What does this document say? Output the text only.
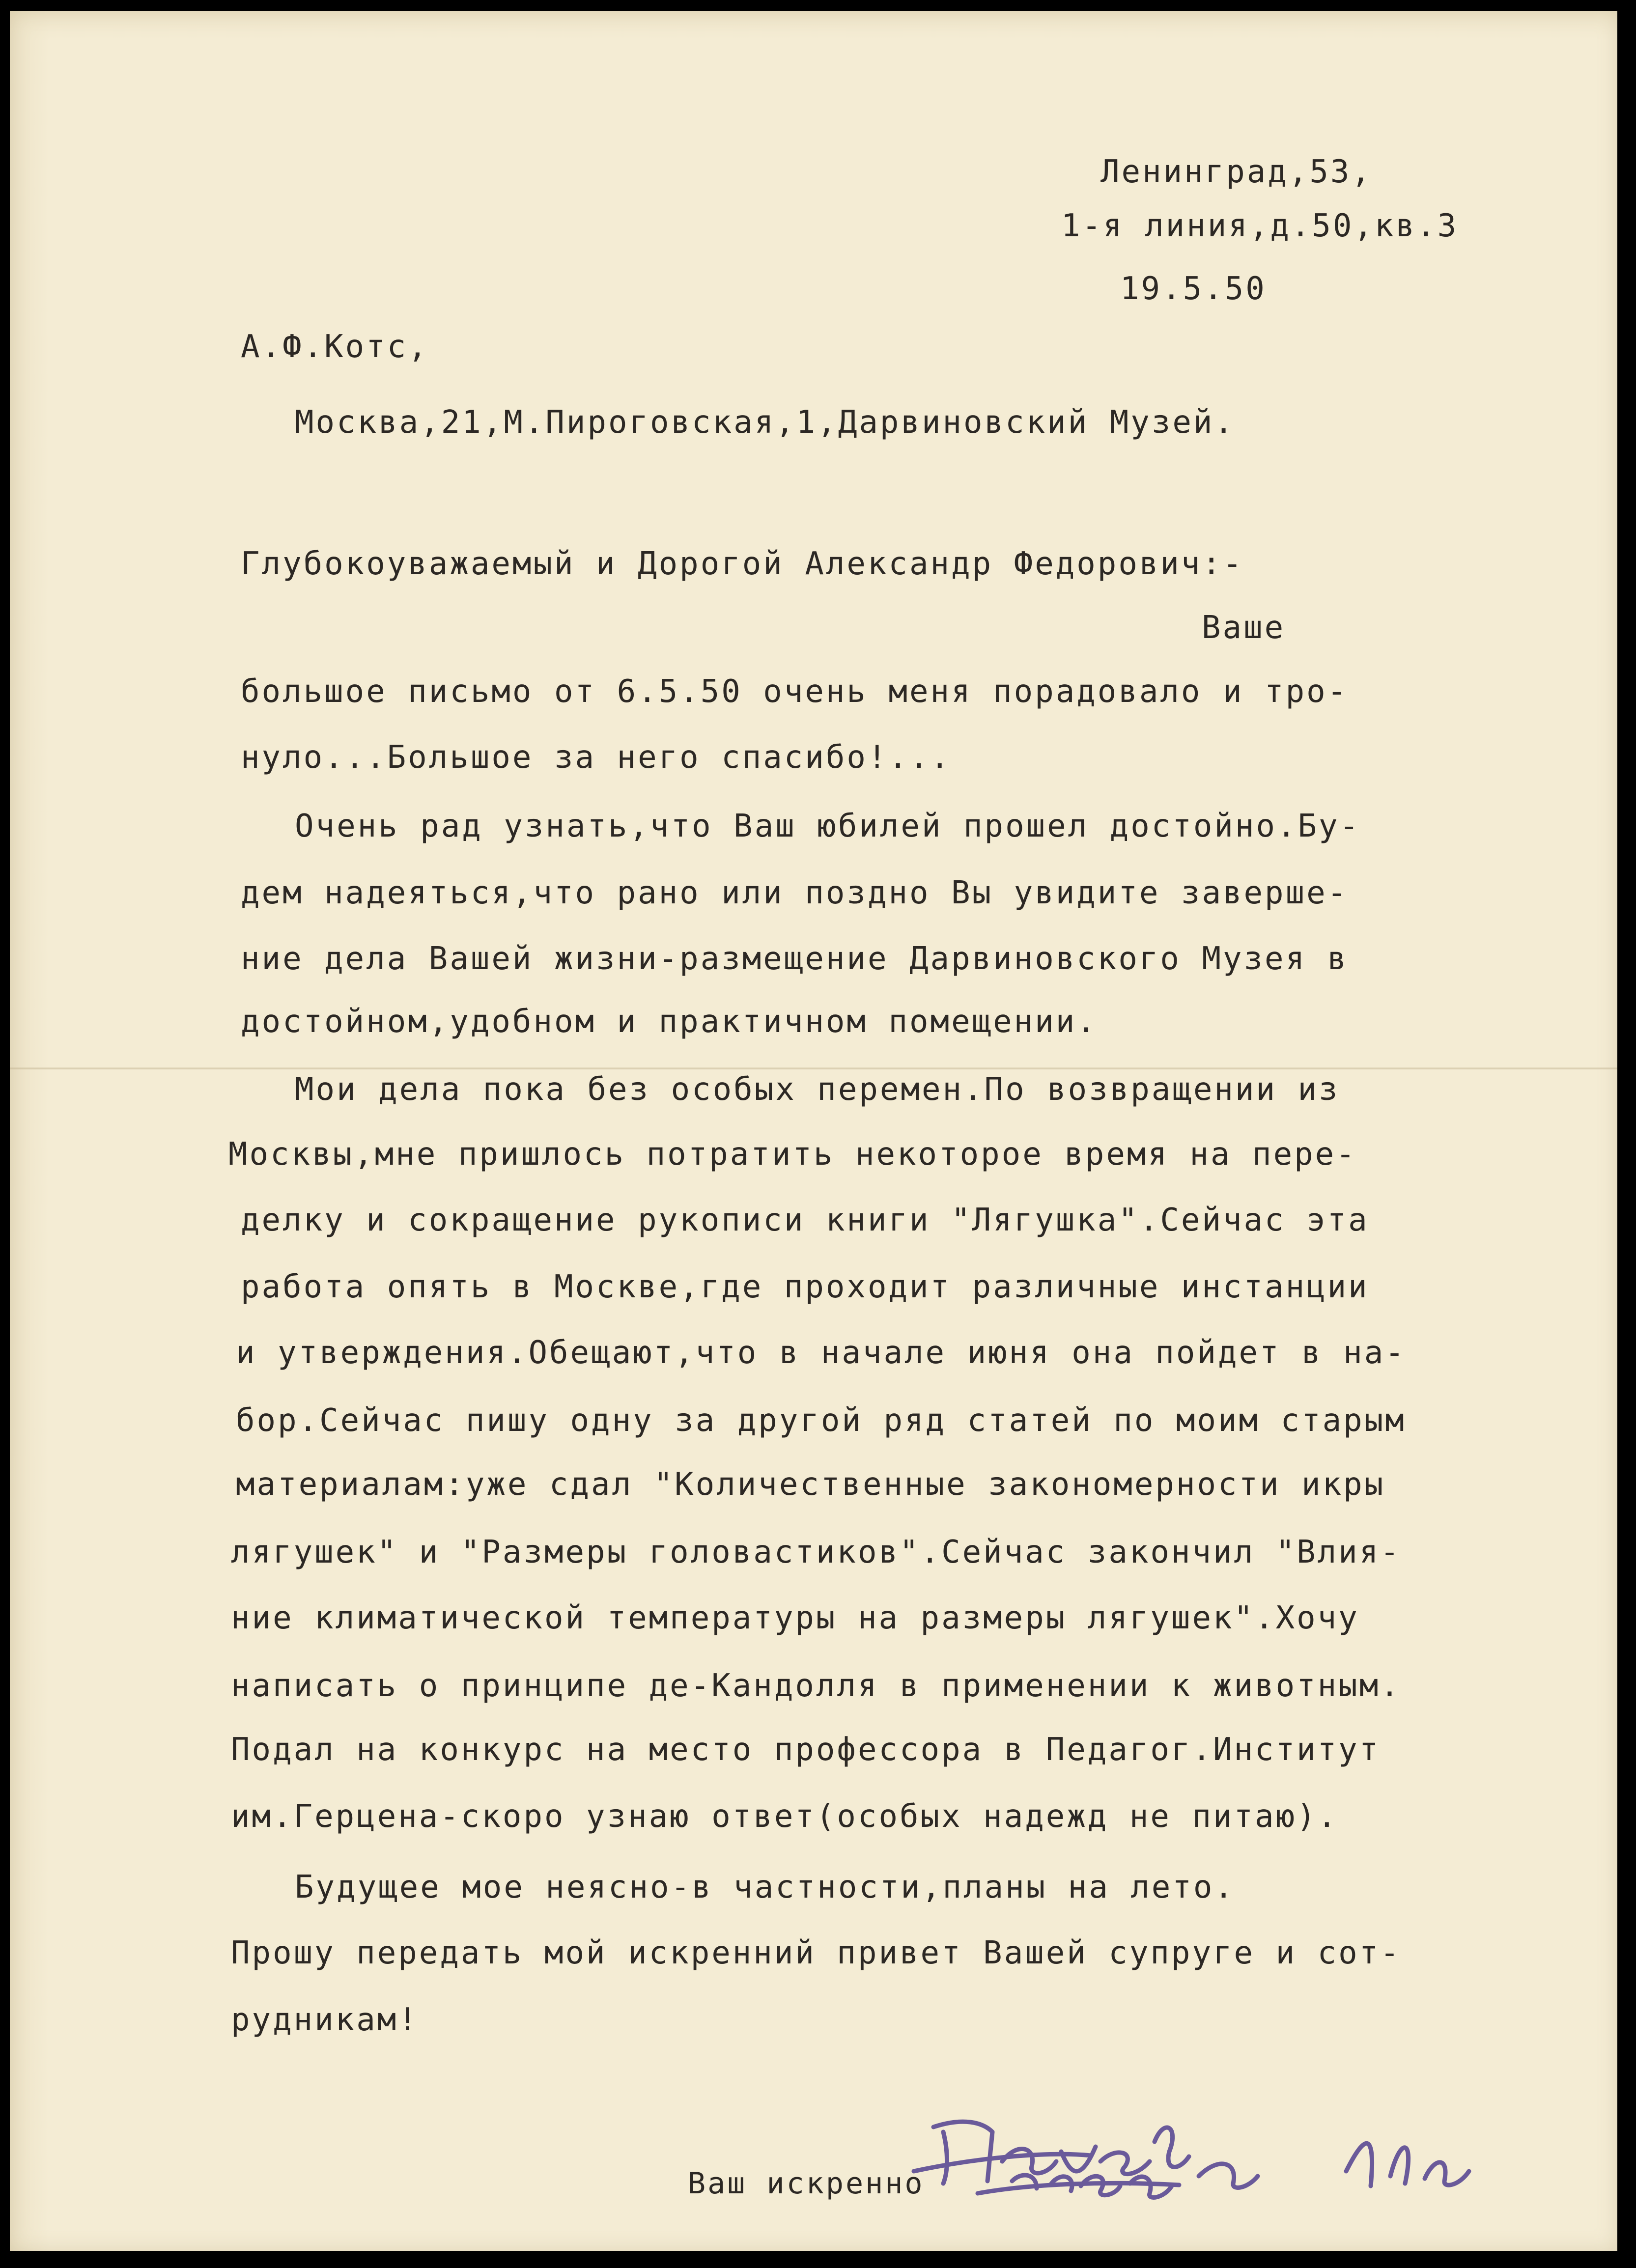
Ленинград,53,

1-я линия,д.50,кв.3

19.5.50

А.Ф.Котс,

Москва,21,М.Пироговская,1,Дарвиновский Музей.

Глубокоуважаемый и Дорогой Александр Федорович:-

Ваше

большое письмо от 6.5.50 очень меня порадовало и тро-

нуло...Большое за него спасибо!...

Очень рад узнать,что Ваш юбилей прошел достойно.Бу-

дем надеяться,что рано или поздно Вы увидите заверше-

ние дела Вашей жизни-размещение Дарвиновского Музея в

достойном,удобном и практичном помещении.

Мои дела пока без особых перемен.По возвращении из

Москвы,мне пришлось потратить некоторое время на пере-

делку и сокращение рукописи книги "Лягушка".Сейчас эта

работа опять в Москве,где проходит различные инстанции

и утверждения.Обещают,что в начале июня она пойдет в на-

бор.Сейчас пишу одну за другой ряд статей по моим старым

материалам:уже сдал "Количественные закономерности икры

лягушек" и "Размеры головастиков".Сейчас закончил "Влия-

ние климатической температуры на размеры лягушек".Хочу

написать о принципе де-Кандолля в применении к животным.

Подал на конкурс на место профессора в Педагог.Институт

им.Герцена-скоро узнаю ответ(особых надежд не питаю).

Будущее мое неясно-в частности,планы на лето.

Прошу передать мой искренний привет Вашей супруге и сот-

рудникам!

Ваш искренно
